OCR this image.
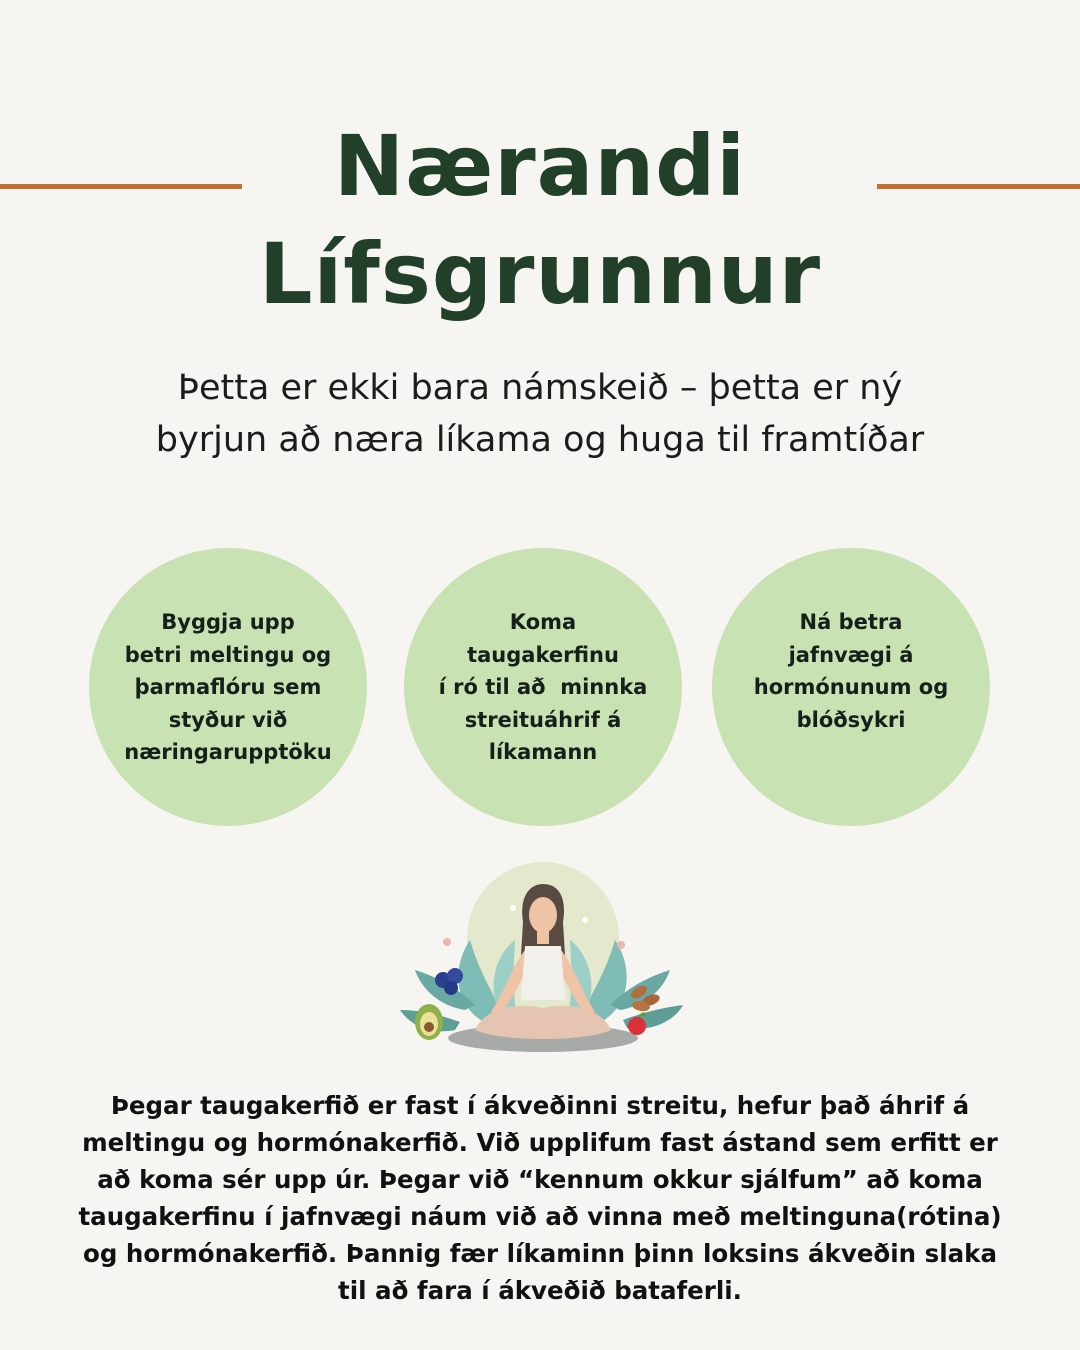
Nærandi
Lífsgrunnur
Þetta er ekki bara námskeið – þetta er ný
byrjun að næra líkama og huga til framtíðar
Byggja upp
betri meltingu og
þarmaflóru sem
styður við
næringarupptöku
Koma
taugakerfinu
í ró til að  minnka
streituáhrif á
líkamann
Ná betra
jafnvægi á
hormónunum og
blóðsykri
Þegar taugakerfið er fast í ákveðinni streitu, hefur það áhrif á
meltingu og hormónakerfið. Við upplifum fast ástand sem erfitt er
að koma sér upp úr. Þegar við “kennum okkur sjálfum” að koma
taugakerfinu í jafnvægi náum við að vinna með meltinguna(rótina)
og hormónakerfið. Þannig fær líkaminn þinn loksins ákveðin slaka
til að fara í ákveðið bataferli.
